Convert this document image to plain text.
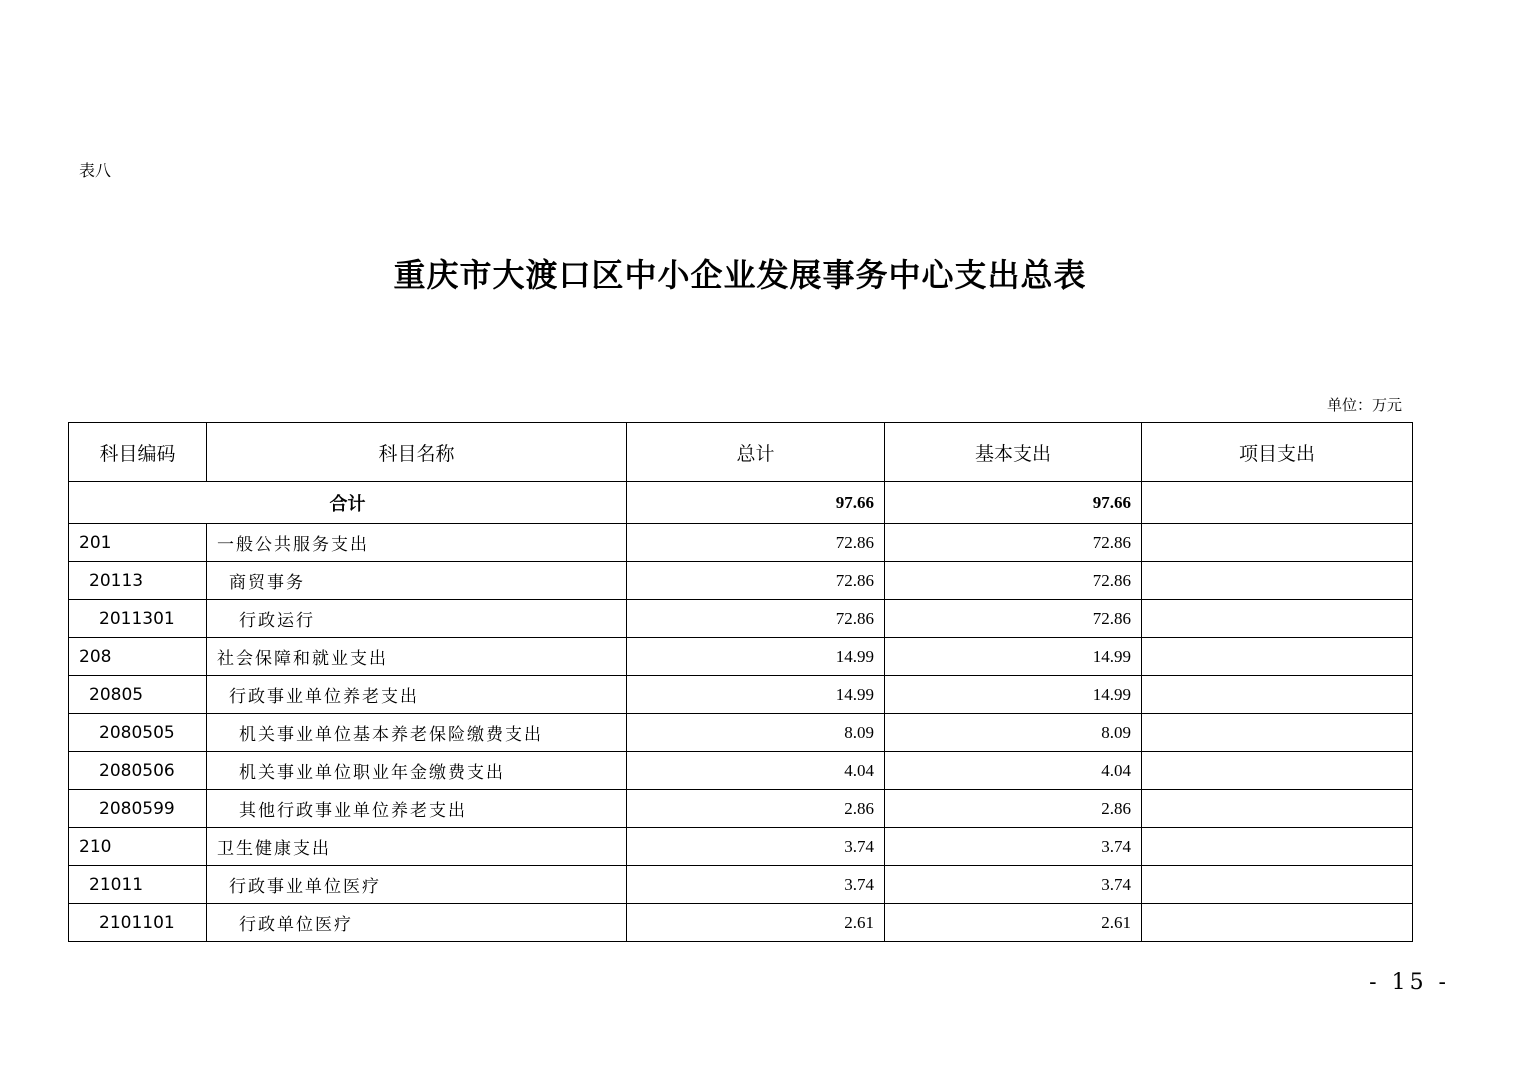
表八
重庆市大渡口区中小企业发展事务中心支出总表
单位：万元
科目编码	科目名称	总计	基本支出	项目支出
合计		97.66	97.66	
201	一般公共服务支出	72.86	72.86	
20113	商贸事务	72.86	72.86	
2011301	行政运行	72.86	72.86	
208	社会保障和就业支出	14.99	14.99	
20805	行政事业单位养老支出	14.99	14.99	
2080505	机关事业单位基本养老保险缴费支出	8.09	8.09	
2080506	机关事业单位职业年金缴费支出	4.04	4.04	
2080599	其他行政事业单位养老支出	2.86	2.86	
210	卫生健康支出	3.74	3.74	
21011	行政事业单位医疗	3.74	3.74	
2101101	行政单位医疗	2.61	2.61	
- 15 -
